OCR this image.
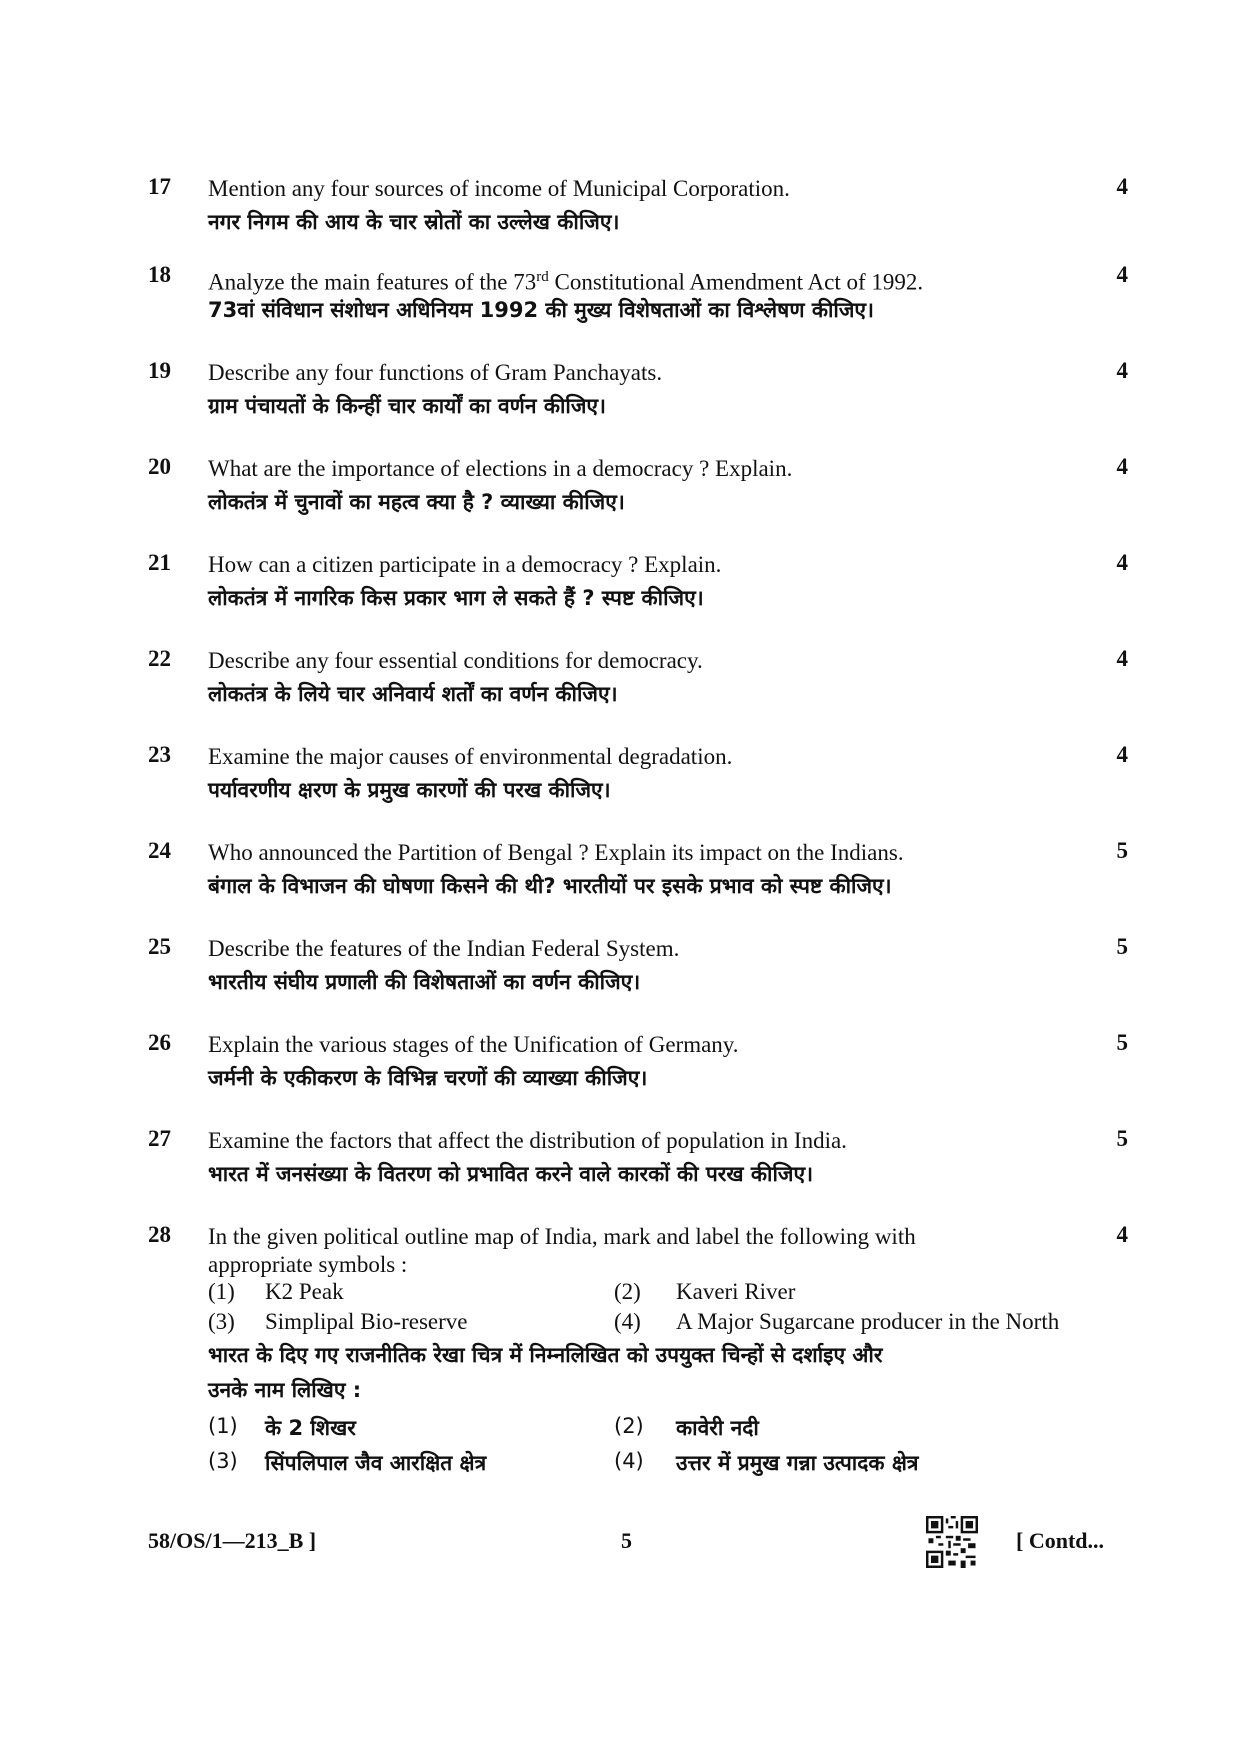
17 Mention any four sources of income of Municipal Corporation.
नगर निगम की आय के चार स्रोतों का उल्लेख कीजिए।
4
18 Analyze the main features of the 73rd Constitutional Amendment Act of 1992.
73वां संविधान संशोधन अधिनियम 1992 की मुख्य विशेषताओं का विश्लेषण कीजिए।
4
19 Describe any four functions of Gram Panchayats.
ग्राम पंचायतों के किन्हीं चार कार्यों का वर्णन कीजिए।
4
20 What are the importance of elections in a democracy ? Explain.
लोकतंत्र में चुनावों का महत्व क्या है ? व्याख्या कीजिए।
4
21 How can a citizen participate in a democracy ? Explain.
लोकतंत्र में नागरिक किस प्रकार भाग ले सकते हैं ? स्पष्ट कीजिए।
4
22 Describe any four essential conditions for democracy.
लोकतंत्र के लिये चार अनिवार्य शर्तों का वर्णन कीजिए।
4
23 Examine the major causes of environmental degradation.
पर्यावरणीय क्षरण के प्रमुख कारणों की परख कीजिए।
4
24 Who announced the Partition of Bengal ? Explain its impact on the Indians.
बंगाल के विभाजन की घोषणा किसने की थी? भारतीयों पर इसके प्रभाव को स्पष्ट कीजिए।
5
25 Describe the features of the Indian Federal System.
भारतीय संघीय प्रणाली की विशेषताओं का वर्णन कीजिए।
5
26 Explain the various stages of the Unification of Germany.
जर्मनी के एकीकरण के विभिन्न चरणों की व्याख्या कीजिए।
5
27 Examine the factors that affect the distribution of population in India.
भारत में जनसंख्या के वितरण को प्रभावित करने वाले कारकों की परख कीजिए।
5
28 In the given political outline map of India, mark and label the following with
appropriate symbols :
4
(1) K2 Peak	(2) Kaveri River
(3) Simplipal Bio-reserve	(4) A Major Sugarcane producer in the North
भारत के दिए गए राजनीतिक रेखा चित्र में निम्नलिखित को उपयुक्त चिन्हों से दर्शाइए और
उनके नाम लिखिए :
(1) के 2 शिखर	(2) कावेरी नदी
(3) सिंपलिपाल जैव आरक्षित क्षेत्र	(4) उत्तर में प्रमुख गन्ना उत्पादक क्षेत्र
58/OS/1—213_B ]	5	[ Contd...
